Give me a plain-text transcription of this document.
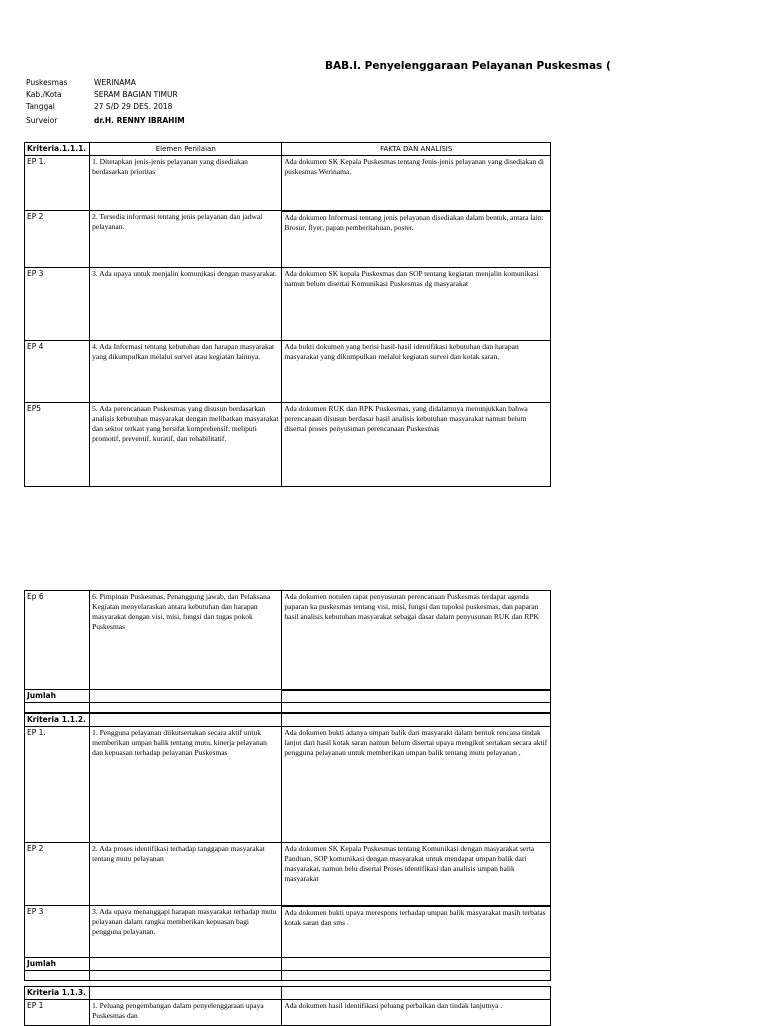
BAB.I. Penyelenggaraan Pelayanan Puskesmas (
Puskesmas	WERINAMA
Kab./Kota	SERAM BAGIAN TIMUR
Tanggal	27 S/D 29 DES. 2018
Surveior	dr.H. RENNY IBRAHIM
Kriteria.1.1.1.	Elemen Penilaian	FAKTA DAN ANALISIS
EP 1.	1. Ditetapkan jenis-jenis pelayanan yang disediakan berdasarkan prioritas	Ada dokumen SK Kepala Puskesmas tentang Jenis-jenis pelayanan yang disediakan di puskesmas Werinama.
EP 2	2. Tersedia informasi tentang jenis pelayanan dan jadwal pelayanan.	Ada dokumen Informasi tentang jenis pelayanan disediakan dalam bentuk, antara lain: Brosur, flyer, papan pemberitahuan, poster.
EP 3	3. Ada upaya untuk menjalin komunikasi dengan masyarakat.	Ada dokumen SK kepala Puskesmas dan SOP tentang kegiatan menjalin komunikasi namun belum disertai Komunikasi Puskesmas dg masyarakat
EP 4	4. Ada Informasi tentang kebutuhan dan harapan masyarakat yang dikumpulkan melalui survei atau kegiatan lainnya.	Ada bukti dokumen yang berisi hasil-hasil identifikasi kebutuhan dan harapan masyarakat yang dikumpulkan melalui kegiatan survei dan kotak saran.
EP5	5. Ada perencanaan Puskesmas yang disusun berdasarkan analisis kebutuhan masyarakat dengan melibatkan masyarakat dan sektor terkait yang bersifat komprehensif, meliputi promotif, preventif, kuratif, dan rehabilitatif.	Ada dokumen RUK dan RPK Puskesmas, yang didalamnya menunjukkan bahwa perencanaan disusun berdasar hasil analisis kebutuhan masyarakat namun belum disertai proses penyusunan perencanaan Puskesmas
Ep 6	6. Pimpinan Puskesmas, Penanggung jawab, dan Pelaksana Kegiatan menyelaraskan antara kebutuhan dan harapan masyarakat dengan visi, misi, fungsi dan tugas pokok Puskesmas	Ada dokumen notulen rapat penyusunan perencanaan Puskesmas terdapat agenda paparan ka puskesmas tentang visi, misi, fungsi dan tupoksi puskesmas, dan paparan hasil analisis kebutuhan masyarakat sebagai dasar dalam penyusunan RUK dan RPK
Jumlah		

Kriteria 1.1.2.		
EP 1.	1. Pengguna pelayanan diikutsertakan secara aktif untuk memberikan umpan balik tentang mutu, kinerja pelayanan dan kepuasan terhadap pelayanan Puskesmas	Ada dokumen bukti adanya umpan balik dari masyarakt dalam bentuk rencana tindak lanjut dari hasil kotak saran namun belum disertai upaya mengikut sertakan secara aktif pengguna pelayanan untuk memberikan umpan balik tentang mutu pelayanan ,
EP 2	2. Ada proses identifikasi terhadap tanggapan masyarakat tentang mutu pelayanan	Ada dokumen SK Kepala Puskesmas tentang Komunikasi dengan masyarakat serta Panduan, SOP komunikasi dengan masyarakat untuk mendapat umpan balik dari masyarakat, namun belu disertai Proses identifikasi dan analisis umpan balik masyarakat
EP 3	3. Ada upaya menanggapi harapan masyarakat terhadap mutu pelayanan dalam rangka memberikan kepuasan bagi pengguna pelayanan.	Ada dokumen bukti upaya merespons terhadap umpan balik masyarakat masih terbatas kotak saran dan sms .
Jumlah		

Kriteria 1.1.3.		
EP 1	1. Peluang pengembangan dalam penyelenggaraan upaya Puskesmas dan	Ada dokumen hasil identifikasi peluang perbaikan dan tindak lanjutnya .
